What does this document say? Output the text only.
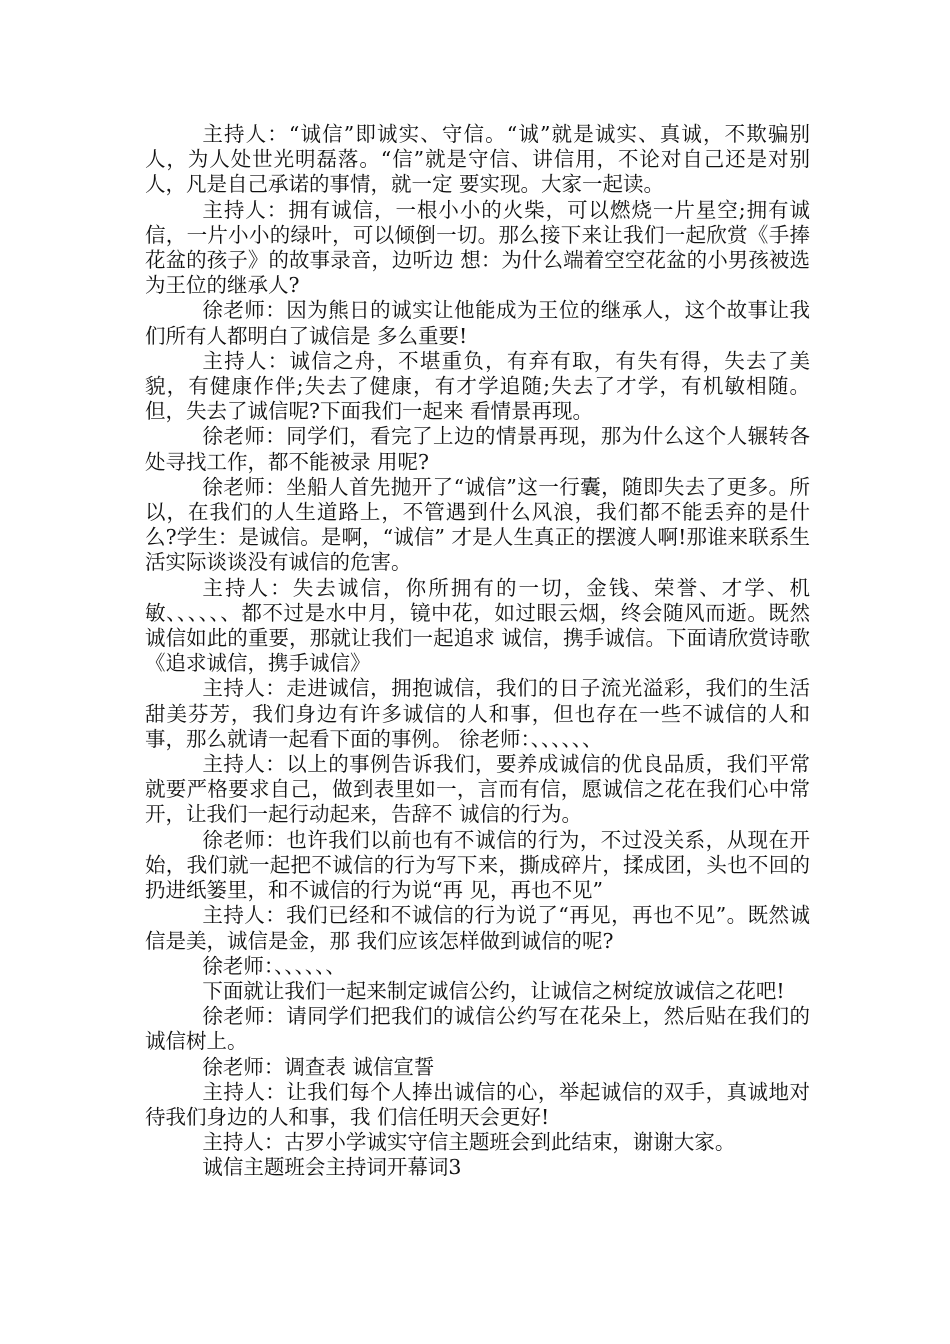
主持人：“诚信”即诚实、守信。“诚”就是诚实、真诚，不欺骗别人，为人处世光明磊落。“信”就是守信、讲信用，不论对自己还是对别人，凡是自己承诺的事情，就一定 要实现。大家一起读。

主持人：拥有诚信，一根小小的火柴，可以燃烧一片星空;拥有诚信，一片小小的绿叶，可以倾倒一切。那么接下来让我们一起欣赏《手捧花盆的孩子》的故事录音，边听边 想：为什么端着空空花盆的小男孩被选为王位的继承人?

徐老师：因为熊日的诚实让他能成为王位的继承人，这个故事让我们所有人都明白了诚信是 多么重要!

主持人：诚信之舟，不堪重负，有弃有取，有失有得，失去了美貌，有健康作伴;失去了健康，有才学追随;失去了才学，有机敏相随。但，失去了诚信呢?下面我们一起来 看情景再现。

徐老师：同学们，看完了上边的情景再现，那为什么这个人辗转各处寻找工作，都不能被录 用呢?

徐老师：坐船人首先抛开了“诚信”这一行囊，随即失去了更多。所以，在我们的人生道路上，不管遇到什么风浪，我们都不能丢弃的是什么?学生：是诚信。是啊，“诚信” 才是人生真正的摆渡人啊!那谁来联系生活实际谈谈没有诚信的危害。

主持人：失去诚信，你所拥有的一切，金钱、荣誉、才学、机敏、、、、、、都不过是水中月，镜中花，如过眼云烟，终会随风而逝。既然诚信如此的重要，那就让我们一起追求 诚信，携手诚信。下面请欣赏诗歌《追求诚信，携手诚信》

主持人：走进诚信，拥抱诚信，我们的日子流光溢彩，我们的生活甜美芬芳，我们身边有许多诚信的人和事，但也存在一些不诚信的人和事，那么就请一起看下面的事例。 徐老师：、、、、、、

主持人：以上的事例告诉我们，要养成诚信的优良品质，我们平常就要严格要求自己，做到表里如一，言而有信，愿诚信之花在我们心中常开，让我们一起行动起来，告辞不 诚信的行为。

徐老师：也许我们以前也有不诚信的行为，不过没关系，从现在开始，我们就一起把不诚信的行为写下来，撕成碎片，揉成团，头也不回的扔进纸篓里，和不诚信的行为说“再 见，再也不见”

主持人：我们已经和不诚信的行为说了“再见，再也不见”。既然诚信是美，诚信是金，那 我们应该怎样做到诚信的呢?

徐老师：、、、、、、

下面就让我们一起来制定诚信公约，让诚信之树绽放诚信之花吧!

徐老师：请同学们把我们的诚信公约写在花朵上，然后贴在我们的诚信树上。

徐老师：调查表 诚信宣誓

主持人：让我们每个人捧出诚信的心，举起诚信的双手，真诚地对待我们身边的人和事，我 们信任明天会更好!

主持人：古罗小学诚实守信主题班会到此结束，谢谢大家。

诚信主题班会主持词开幕词3
